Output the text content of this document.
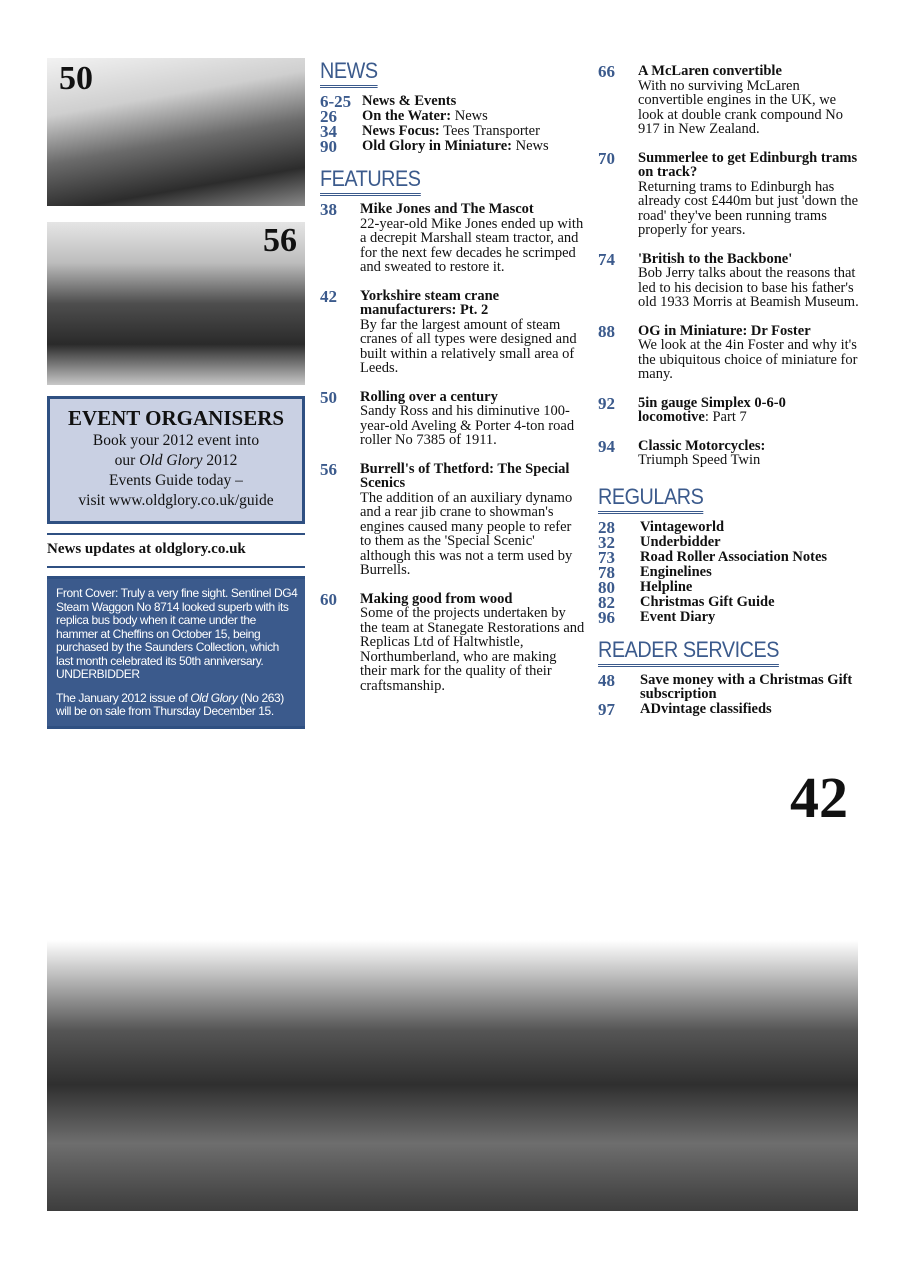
50
56
EVENT ORGANISERS
Book your 2012 event into
our Old Glory 2012
Events Guide today –
visit www.oldglory.co.uk/guide
News updates at oldglory.co.uk

Front Cover: Truly a very fine sight. Sentinel DG4 Steam Waggon No 8714 looked superb with its replica bus body when it came under the hammer at Cheffins on October 15, being purchased by the Saunders Collection, which last month celebrated its 50th anniversary.

UNDERBIDDER

The January 2012 issue of Old Glory (No 263) will be on sale from Thursday December 15.

NEWS

6-25 News & Events
26	On the Water: News
34	News Focus: Tees Transporter
90	Old Glory in Miniature: News
FEATURES

38	Mike Jones and The Mascot
22-year-old Mike Jones ended up with a decrepit Marshall steam tractor, and for the next few decades he scrimped and sweated to restore it.
42	Yorkshire steam crane manufacturers: Pt. 2
By far the largest amount of steam cranes of all types were designed and built within a relatively small area of Leeds.
50	Rolling over a century
Sandy Ross and his diminutive 100-year-old Aveling & Porter 4-ton road roller No 7385 of 1911.
56	Burrell's of Thetford: The Special Scenics
The addition of an auxiliary dynamo and a rear jib crane to showman's engines caused many people to refer to them as the 'Special Scenic' although this was not a term used by Burrells.
60	Making good from wood
Some of the projects undertaken by the team at Stanegate Restorations and Replicas Ltd of Haltwhistle, Northumberland, who are making their mark for the quality of their craftsmanship.
66	A McLaren convertible
With no surviving McLaren convertible engines in the UK, we look at double crank compound No 917 in New Zealand.
70	Summerlee to get Edinburgh trams on track?
Returning trams to Edinburgh has already cost £440m but just 'down the road' they've been running trams properly for years.
74	'British to the Backbone'
Bob Jerry talks about the reasons that led to his decision to base his father's old 1933 Morris at Beamish Museum.
88	OG in Miniature: Dr Foster
We look at the 4in Foster and why it's the ubiquitous choice of miniature for many.
92	5in gauge Simplex 0-6-0 locomotive: Part 7
94	Classic Motorcycles:
Triumph Speed Twin
REGULARS

28	Vintageworld
32	Underbidder
73	Road Roller Association Notes
78	Enginelines
80	Helpline
82	Christmas Gift Guide
96	Event Diary
READER SERVICES

48	Save money with a Christmas Gift subscription
97	ADvintage classifieds
42
